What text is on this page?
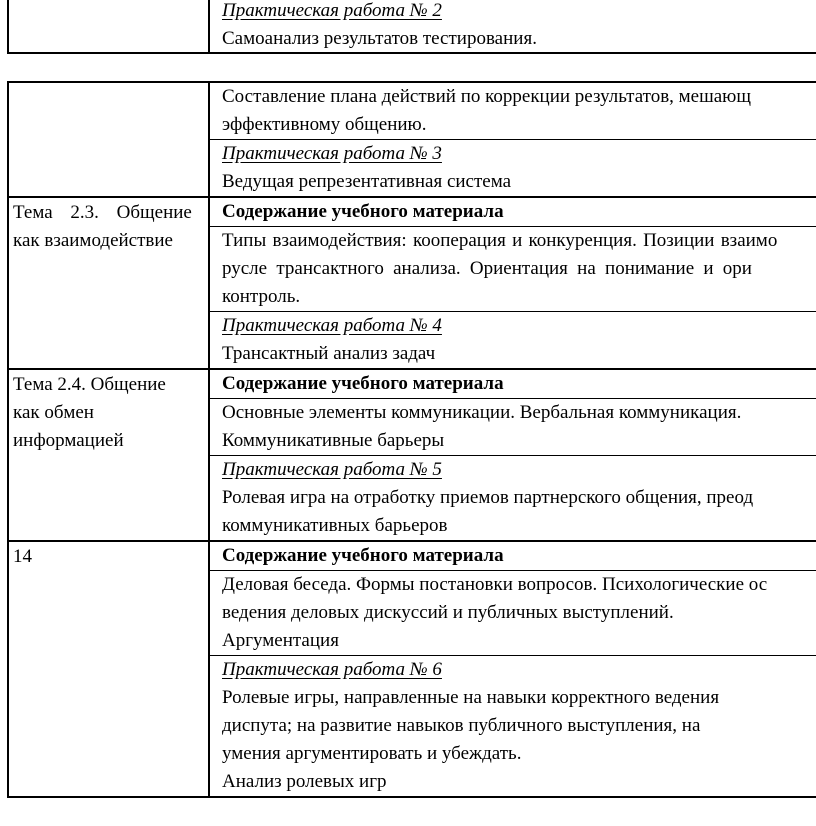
Практическая работа № 2
Самоанализ результатов тестирования.
Составление плана действий по коррекции результатов, мешающ
эффективному общению.
Практическая работа № 3
Ведущая репрезентативная система
Тема 2.3. Общение
как взаимодействие
Содержание учебного материала
Типы взаимодействия: кооперация и конкуренция. Позиции взаимо
русле трансактного анализа. Ориентация на понимание и ори
контроль.
Практическая работа № 4
Трансактный анализ задач
Тема 2.4. Общение
как обмен
информацией
Содержание учебного материала
Основные элементы коммуникации. Вербальная коммуникация.
Коммуникативные барьеры
Практическая работа № 5
Ролевая игра на отработку приемов партнерского общения, преод
коммуникативных барьеров
14	Содержание учебного материала
Деловая беседа. Формы постановки вопросов. Психологические ос
ведения деловых дискуссий и публичных выступлений.
Аргументация
Практическая работа № 6
Ролевые игры, направленные на навыки корректного ведения
диспута; на развитие навыков публичного выступления, на
умения аргументировать и убеждать.
Анализ ролевых игр
